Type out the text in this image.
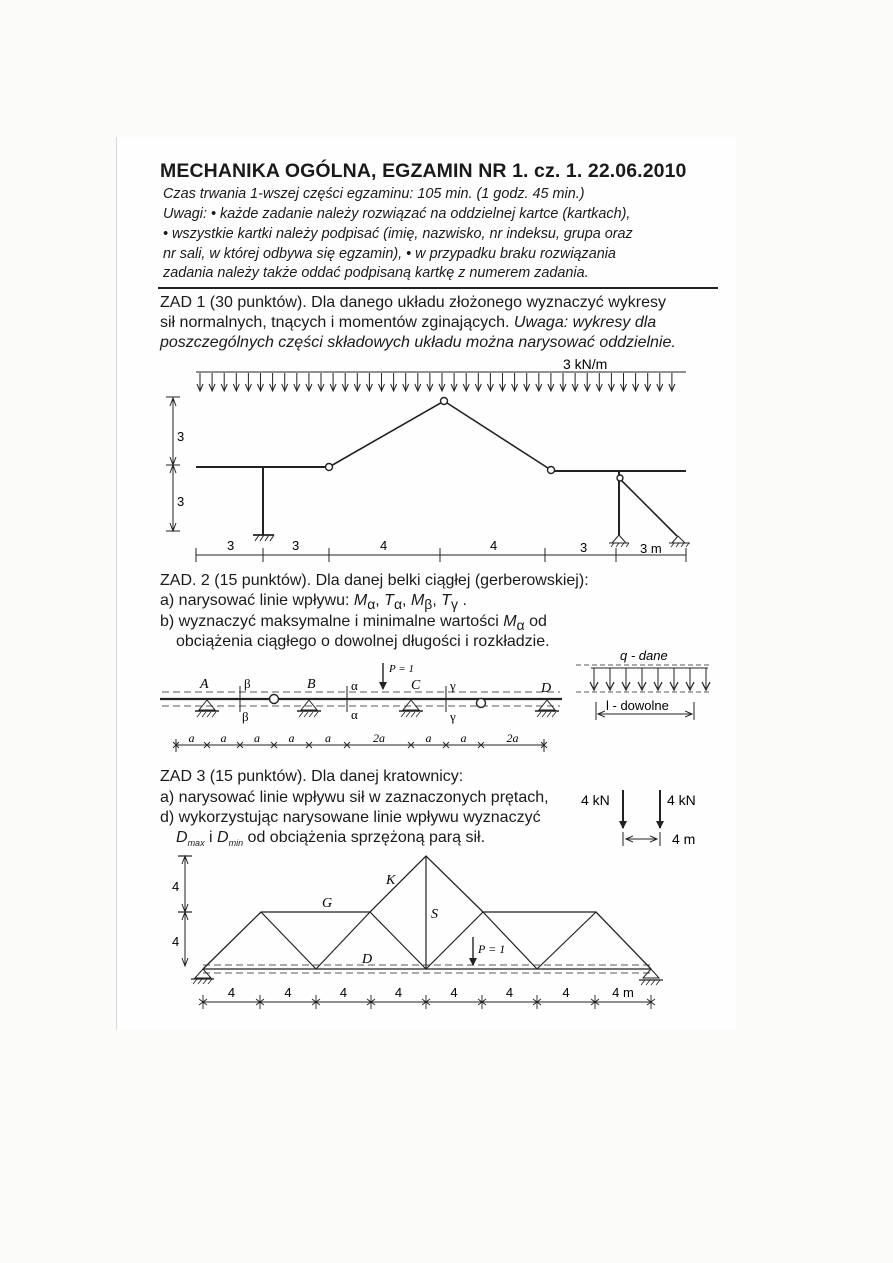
MECHANIKA OGÓLNA, EGZAMIN NR 1. cz. 1. 22.06.2010
Czas trwania 1-wszej części egzaminu: 105 min. (1 godz. 45 min.)
Uwagi: • każde zadanie należy rozwiązać na oddzielnej kartce (kartkach),
• wszystkie kartki należy podpisać (imię, nazwisko, nr indeksu, grupa oraz
nr sali, w której odbywa się egzamin), • w przypadku braku rozwiązania
zadania należy także oddać podpisaną kartkę z numerem zadania.
ZAD 1 (30 punktów). Dla danego układu złożonego wyznaczyć wykresy
sił normalnych, tnących i momentów zginających. Uwaga: wykresy dla
poszczególnych części składowych układu można narysować oddzielnie.
ZAD. 2 (15 punktów). Dla danej belki ciągłej (gerberowskiej):
a) narysować linie wpływu: $M_\alpha$, $T_\alpha$, $M_\beta$, $T_\gamma$ .
b) wyznaczyć maksymalne i minimalne wartości $M_\alpha$ od
obciążenia ciągłego o dowolnej długości i rozkładzie.
ZAD 3 (15 punktów). Dla danej kratownicy:
a) narysować linie wpływu sił w zaznaczonych prętach,
d) wykorzystując narysowane linie wpływu wyznaczyć
$D_{max}$ i $D_{min}$ od obciążenia sprzężoną parą sił.
3 kN/m
3
3
3	3	4	4	3	3 m
A	B	C	D
P = 1
β
β
α
α
γ
γ
a a a a	a	2a	a a	2a
q - dane
l - dowolne
4 kN	4 kN
4 m
4
4
K
G
S
D
P = 1
4	4	4	4	4	4	4	4 m
